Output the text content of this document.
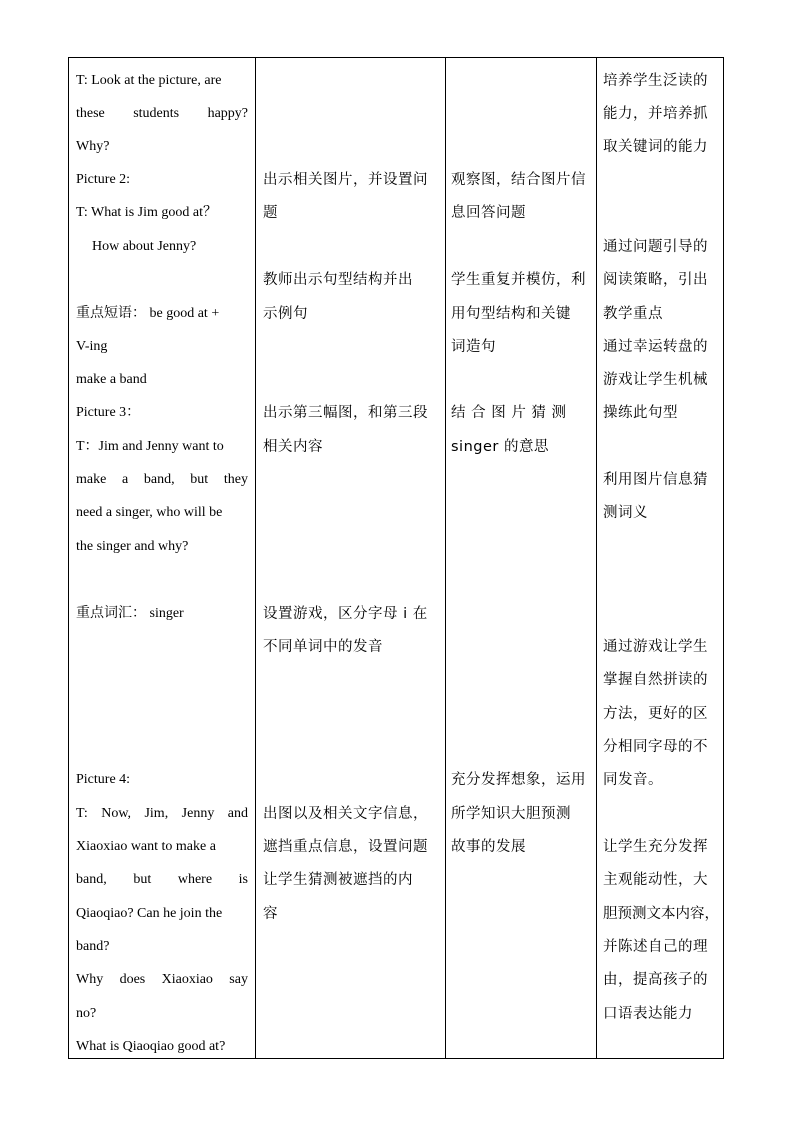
T: Look at the picture, are
these students happy?
Why?
Picture 2:
T: What is Jim good at？
How about Jenny?
重点短语： be good at +
V-ing
make a band
Picture 3：
T：Jim and Jenny want to
make a band, but they
need a singer, who will be
the singer and why?
重点词汇： singer
Picture 4:
T: Now, Jim, Jenny and
Xiaoxiao want to make a
band, but where is
Qiaoqiao? Can he join the
band?
Why does Xiaoxiao say
no?
What is Qiaoqiao good at?
出示相关图片，并设置问
题
教师出示句型结构并出
示例句
出示第三幅图，和第三段
相关内容
设置游戏，区分字母 i 在
不同单词中的发音
出图以及相关文字信息，
遮挡重点信息，设置问题
让学生猜测被遮挡的内
容
观察图，结合图片信
息回答问题
学生重复并模仿，利
用句型结构和关键
词造句
结 合 图 片 猜 测
singer 的意思
充分发挥想象，运用
所学知识大胆预测
故事的发展
培养学生泛读的
能力，并培养抓
取关键词的能力
通过问题引导的
阅读策略，引出
教学重点
通过幸运转盘的
游戏让学生机械
操练此句型
利用图片信息猜
测词义
通过游戏让学生
掌握自然拼读的
方法，更好的区
分相同字母的不
同发音。
让学生充分发挥
主观能动性，大
胆预测文本内容，
并陈述自己的理
由，提高孩子的
口语表达能力
